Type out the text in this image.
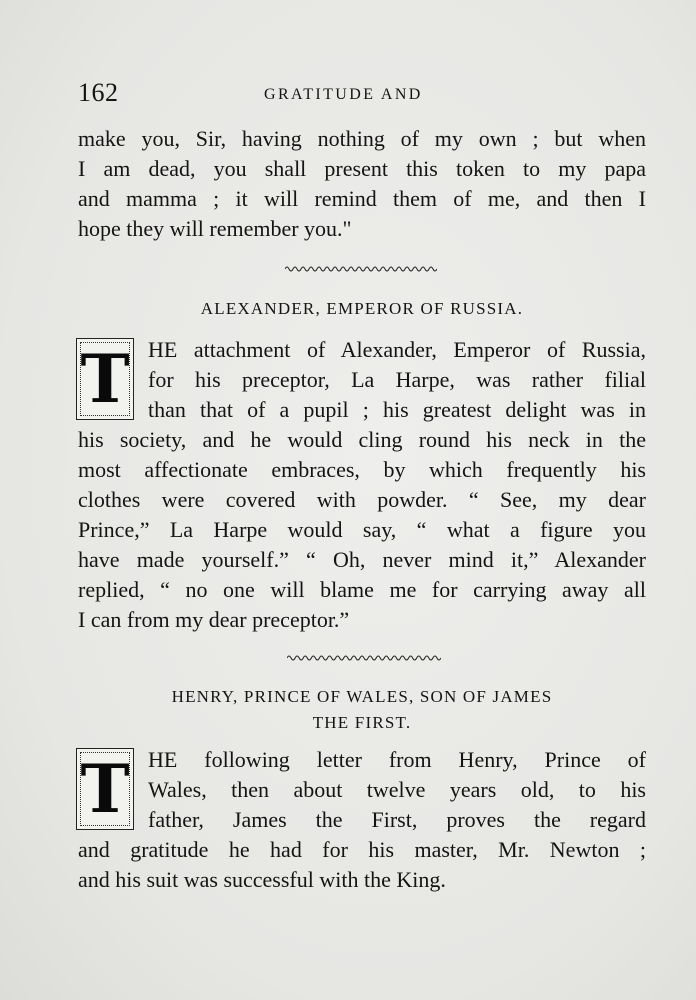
162	GRATITUDE AND
make you, Sir, having nothing of my own ; but when
I am dead, you shall present this token to my papa
and mamma ; it will remind them of me, and then I
hope they will remember you."
ALEXANDER, EMPEROR OF RUSSIA.
T HE attachment of Alexander, Emperor of Russia,
for his preceptor, La Harpe, was rather filial
than that of a pupil ; his greatest delight was in
his society, and he would cling round his neck in the
most affectionate embraces, by which frequently his
clothes were covered with powder. “ See, my dear
Prince,” La Harpe would say, “ what a figure you
have made yourself.” “ Oh, never mind it,” Alexander
replied, “ no one will blame me for carrying away all
I can from my dear preceptor.”
HENRY, PRINCE OF WALES, SON OF JAMES
THE FIRST.
T HE following letter from Henry, Prince of
Wales, then about twelve years old, to his
father, James the First, proves the regard
and gratitude he had for his master, Mr. Newton ;
and his suit was successful with the King.
